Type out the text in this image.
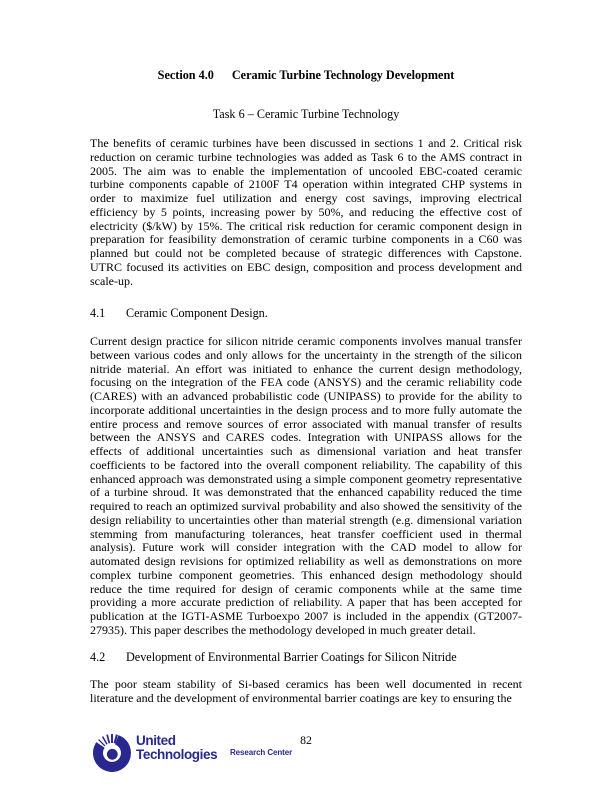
Section 4.0 Ceramic Turbine Technology Development
Task 6 – Ceramic Turbine Technology
The benefits of ceramic turbines have been discussed in sections 1 and 2. Critical risk
reduction on ceramic turbine technologies was added as Task 6 to the AMS contract in
2005. The aim was to enable the implementation of uncooled EBC-coated ceramic
turbine components capable of 2100F T4 operation within integrated CHP systems in
order to maximize fuel utilization and energy cost savings, improving electrical
efficiency by 5 points, increasing power by 50%, and reducing the effective cost of
electricity ($/kW) by 15%. The critical risk reduction for ceramic component design in
preparation for feasibility demonstration of ceramic turbine components in a C60 was
planned but could not be completed because of strategic differences with Capstone.
UTRC focused its activities on EBC design, composition and process development and
scale-up.
4.1 Ceramic Component Design.
Current design practice for silicon nitride ceramic components involves manual transfer
between various codes and only allows for the uncertainty in the strength of the silicon
nitride material. An effort was initiated to enhance the current design methodology,
focusing on the integration of the FEA code (ANSYS) and the ceramic reliability code
(CARES) with an advanced probabilistic code (UNIPASS) to provide for the ability to
incorporate additional uncertainties in the design process and to more fully automate the
entire process and remove sources of error associated with manual transfer of results
between the ANSYS and CARES codes. Integration with UNIPASS allows for the
effects of additional uncertainties such as dimensional variation and heat transfer
coefficients to be factored into the overall component reliability. The capability of this
enhanced approach was demonstrated using a simple component geometry representative
of a turbine shroud. It was demonstrated that the enhanced capability reduced the time
required to reach an optimized survival probability and also showed the sensitivity of the
design reliability to uncertainties other than material strength (e.g. dimensional variation
stemming from manufacturing tolerances, heat transfer coefficient used in thermal
analysis). Future work will consider integration with the CAD model to allow for
automated design revisions for optimized reliability as well as demonstrations on more
complex turbine component geometries. This enhanced design methodology should
reduce the time required for design of ceramic components while at the same time
providing a more accurate prediction of reliability. A paper that has been accepted for
publication at the IGTI-ASME Turboexpo 2007 is included in the appendix (GT2007-
27935). This paper describes the methodology developed in much greater detail.
4.2 Development of Environmental Barrier Coatings for Silicon Nitride
The poor steam stability of Si-based ceramics has been well documented in recent
literature and the development of environmental barrier coatings are key to ensuring the
82
United
Technologies Research Center
